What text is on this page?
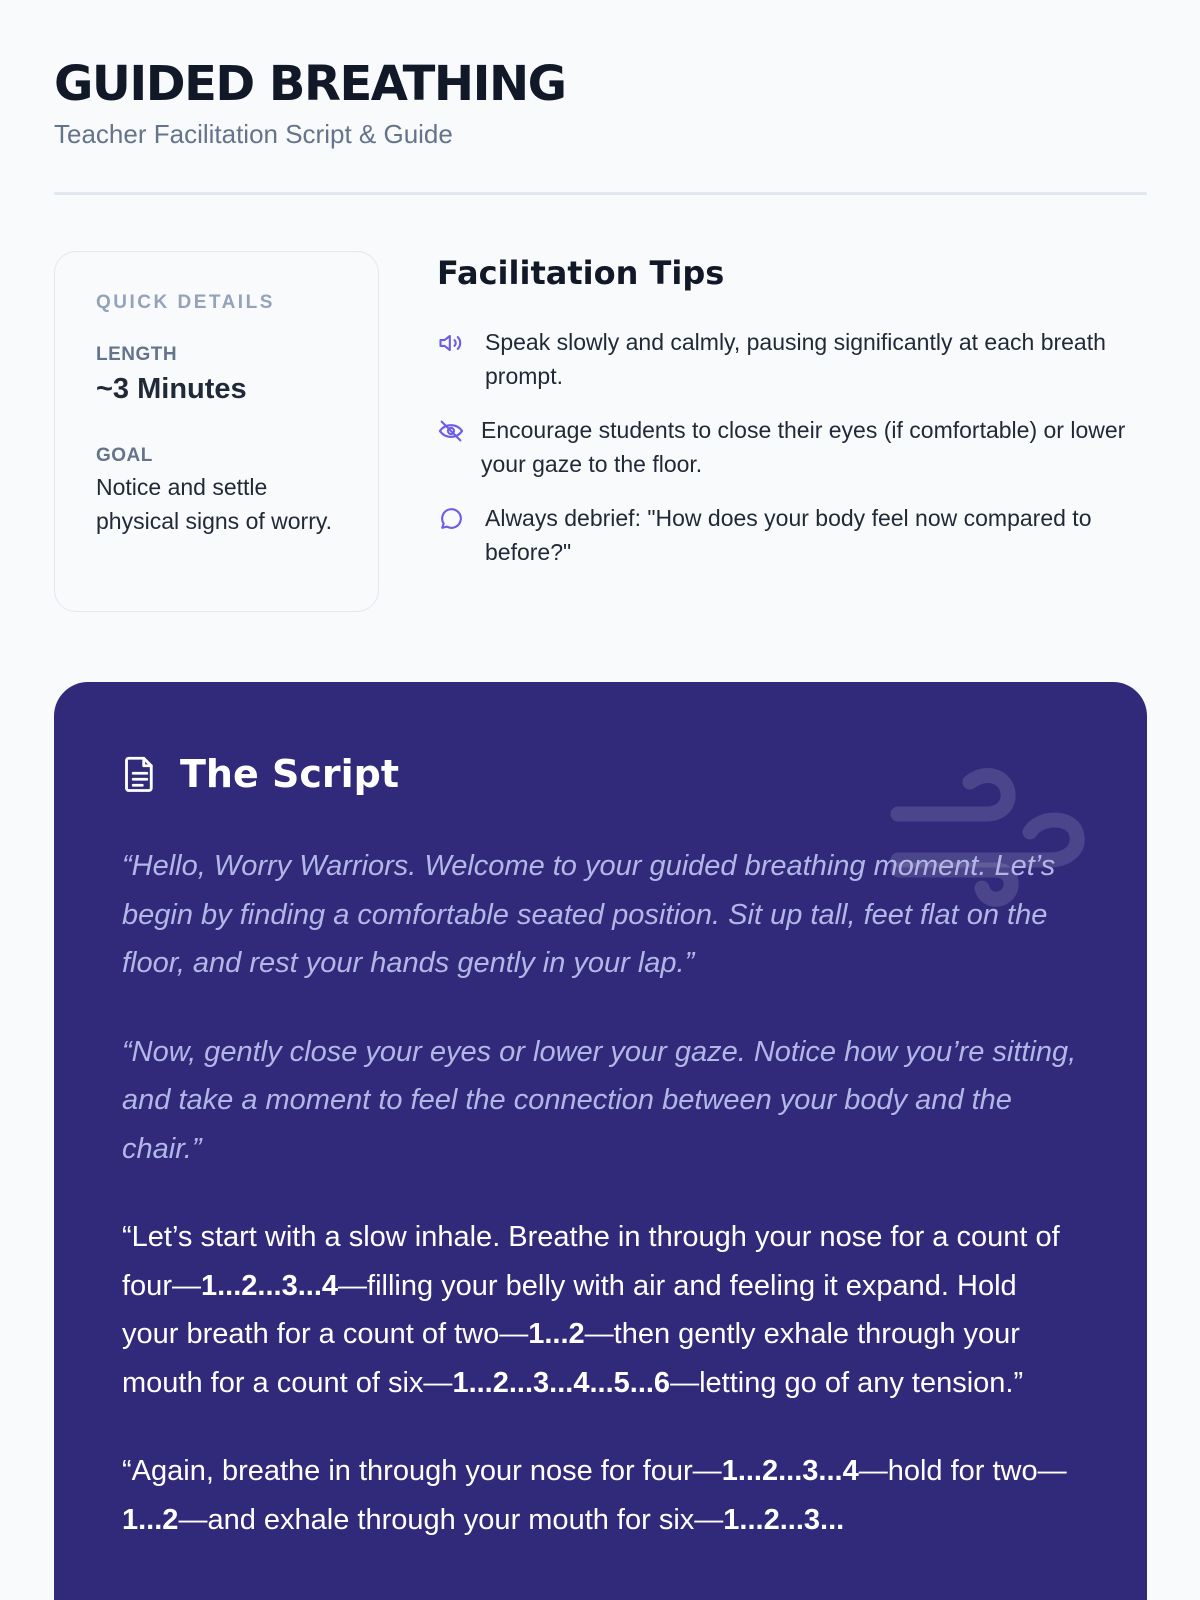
GUIDED BREATHING
Teacher Facilitation Script & Guide
QUICK DETAILS
LENGTH
~3 Minutes
GOAL
Notice and settle physical signs of worry.
Facilitation Tips
Speak slowly and calmly, pausing significantly at each breath prompt.
Encourage students to close their eyes (if comfortable) or lower your gaze to the floor.
Always debrief: "How does your body feel now compared to before?"
The Script

“Hello, Worry Warriors. Welcome to your guided breathing moment. Let’s begin by finding a comfortable seated position. Sit up tall, feet flat on the floor, and rest your hands gently in your lap.”

“Now, gently close your eyes or lower your gaze. Notice how you’re sitting, and take a moment to feel the connection between your body and the chair.”

“Let’s start with a slow inhale. Breathe in through your nose for a count of four—1...2...3...4—filling your belly with air and feeling it expand. Hold your breath for a count of two—1...2—then gently exhale through your mouth for a count of six—1...2...3...4...5...6—letting go of any tension.”

“Again, breathe in through your nose for four—1...2...3...4—hold for two—1...2—and exhale through your mouth for six—1...2...3...
